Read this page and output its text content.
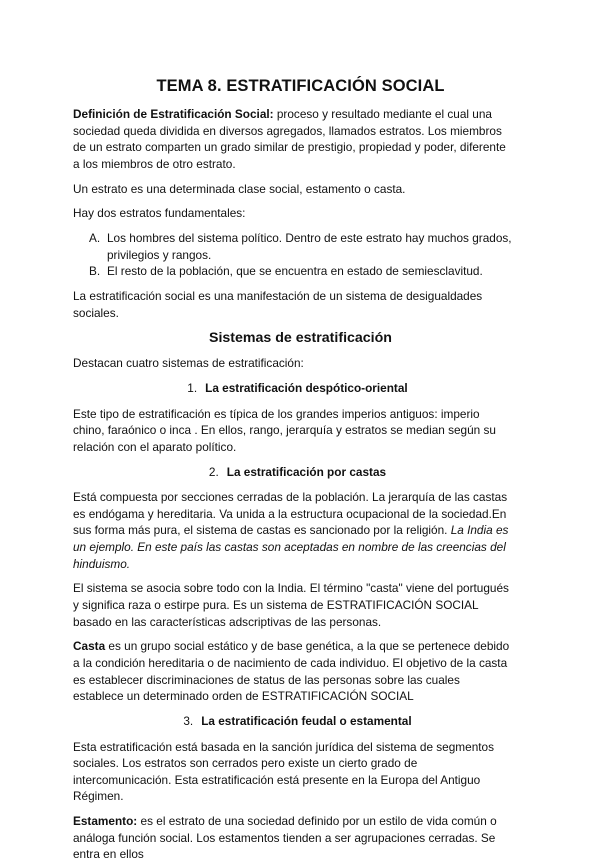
TEMA 8. ESTRATIFICACIÓN SOCIAL

Definición de Estratificación Social: proceso y resultado mediante el cual una sociedad queda dividida en diversos agregados, llamados estratos. Los miembros de un estrato comparten un grado similar de prestigio, propiedad y poder, diferente a los miembros de otro estrato.

Un estrato es una determinada clase social, estamento o casta.

Hay dos estratos fundamentales:

A. Los hombres del sistema político. Dentro de este estrato hay muchos grados, privilegios y rangos.
B. El resto de la población, que se encuentra en estado de semiesclavitud.

La estratificación social es una manifestación de un sistema de desigualdades sociales.

Sistemas de estratificación

Destacan cuatro sistemas de estratificación:

1. La estratificación despótico-oriental

Este tipo de estratificación es típica de los grandes imperios antiguos: imperio chino, faraónico o inca . En ellos, rango, jerarquía y estratos se median según su relación con el aparato político.

2. La estratificación por castas

Está compuesta por secciones cerradas de la población. La jerarquía de las castas es endógama y hereditaria. Va unida a la estructura ocupacional de la sociedad.En sus forma más pura, el sistema de castas es sancionado por la religión. La India es un ejemplo. En este país las castas son aceptadas en nombre de las creencias del hinduismo.

El sistema se asocia sobre todo con la India. El término "casta" viene del portugués y significa raza o estirpe pura. Es un sistema de ESTRATIFICACIÓN SOCIAL basado en las características adscriptivas de las personas.

Casta es un grupo social estático y de base genética, a la que se pertenece debido a la condición hereditaria o de nacimiento de cada individuo. El objetivo de la casta es establecer discriminaciones de status de las personas sobre las cuales establece un determinado orden de ESTRATIFICACIÓN SOCIAL

3. La estratificación feudal o estamental

Esta estratificación está basada en la sanción jurídica del sistema de segmentos sociales. Los estratos son cerrados pero existe un cierto grado de intercomunicación. Esta estratificación está presente en la Europa del Antiguo Régimen.

Estamento: es el estrato de una sociedad definido por un estilo de vida común o análoga función social. Los estamentos tienden a ser agrupaciones cerradas. Se entra en ellos
